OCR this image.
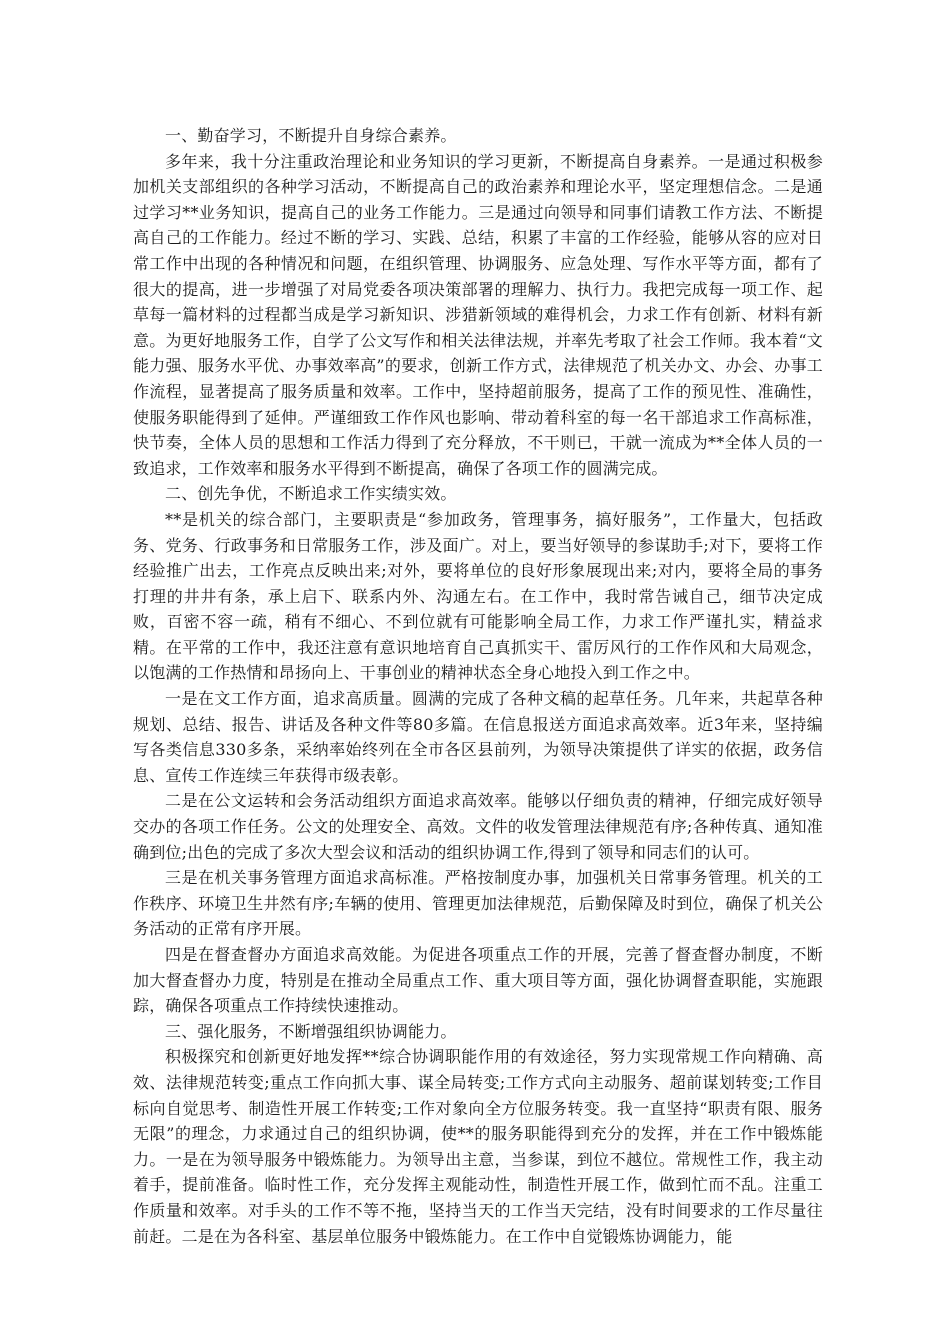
一、勤奋学习，不断提升自身综合素养。

多年来，我十分注重政治理论和业务知识的学习更新，不断提高自身素养。一是通过积极参加机关支部组织的各种学习活动，不断提高自己的政治素养和理论水平，坚定理想信念。二是通过学习**业务知识，提高自己的业务工作能力。三是通过向领导和同事们请教工作方法、不断提高自己的工作能力。经过不断的学习、实践、总结，积累了丰富的工作经验，能够从容的应对日常工作中出现的各种情况和问题，在组织管理、协调服务、应急处理、写作水平等方面，都有了很大的提高，进一步增强了对局党委各项决策部署的理解力、执行力。我把完成每一项工作、起草每一篇材料的过程都当成是学习新知识、涉猎新领域的难得机会，力求工作有创新、材料有新意。为更好地服务工作，自学了公文写作和相关法律法规，并率先考取了社会工作师。我本着“文能力强、服务水平优、办事效率高”的要求，创新工作方式，法律规范了机关办文、办会、办事工作流程，显著提高了服务质量和效率。工作中，坚持超前服务，提高了工作的预见性、准确性，使服务职能得到了延伸。严谨细致工作作风也影响、带动着科室的每一名干部追求工作高标准，快节奏，全体人员的思想和工作活力得到了充分释放，不干则已，干就一流成为**全体人员的一致追求，工作效率和服务水平得到不断提高，确保了各项工作的圆满完成。

二、创先争优，不断追求工作实绩实效。

**是机关的综合部门，主要职责是“参加政务，管理事务，搞好服务”，工作量大，包括政务、党务、行政事务和日常服务工作，涉及面广。对上，要当好领导的参谋助手;对下，要将工作经验推广出去，工作亮点反映出来;对外，要将单位的良好形象展现出来;对内，要将全局的事务打理的井井有条，承上启下、联系内外、沟通左右。在工作中，我时常告诫自己，细节决定成败，百密不容一疏，稍有不细心、不到位就有可能影响全局工作，力求工作严谨扎实，精益求精。在平常的工作中，我还注意有意识地培育自己真抓实干、雷厉风行的工作作风和大局观念，以饱满的工作热情和昂扬向上、干事创业的精神状态全身心地投入到工作之中。

一是在文工作方面，追求高质量。圆满的完成了各种文稿的起草任务。几年来，共起草各种规划、总结、报告、讲话及各种文件等80多篇。在信息报送方面追求高效率。近3年来，坚持编写各类信息330多条，采纳率始终列在全市各区县前列，为领导决策提供了详实的依据，政务信息、宣传工作连续三年获得市级表彰。

二是在公文运转和会务活动组织方面追求高效率。能够以仔细负责的精神，仔细完成好领导交办的各项工作任务。公文的处理安全、高效。文件的收发管理法律规范有序;各种传真、通知准确到位;出色的完成了多次大型会议和活动的组织协调工作,得到了领导和同志们的认可。

三是在机关事务管理方面追求高标准。严格按制度办事，加强机关日常事务管理。机关的工作秩序、环境卫生井然有序;车辆的使用、管理更加法律规范，后勤保障及时到位，确保了机关公务活动的正常有序开展。

四是在督查督办方面追求高效能。为促进各项重点工作的开展，完善了督查督办制度，不断加大督查督办力度，特别是在推动全局重点工作、重大项目等方面，强化协调督查职能，实施跟踪，确保各项重点工作持续快速推动。

三、强化服务，不断增强组织协调能力。

积极探究和创新更好地发挥**综合协调职能作用的有效途径，努力实现常规工作向精确、高效、法律规范转变;重点工作向抓大事、谋全局转变;工作方式向主动服务、超前谋划转变;工作目标向自觉思考、制造性开展工作转变;工作对象向全方位服务转变。我一直坚持“职责有限、服务无限”的理念，力求通过自己的组织协调，使**的服务职能得到充分的发挥，并在工作中锻炼能力。一是在为领导服务中锻炼能力。为领导出主意，当参谋，到位不越位。常规性工作，我主动着手，提前准备。临时性工作，充分发挥主观能动性，制造性开展工作，做到忙而不乱。注重工作质量和效率。对手头的工作不等不拖，坚持当天的工作当天完结，没有时间要求的工作尽量往前赶。二是在为各科室、基层单位服务中锻炼能力。在工作中自觉锻炼协调能力，能
